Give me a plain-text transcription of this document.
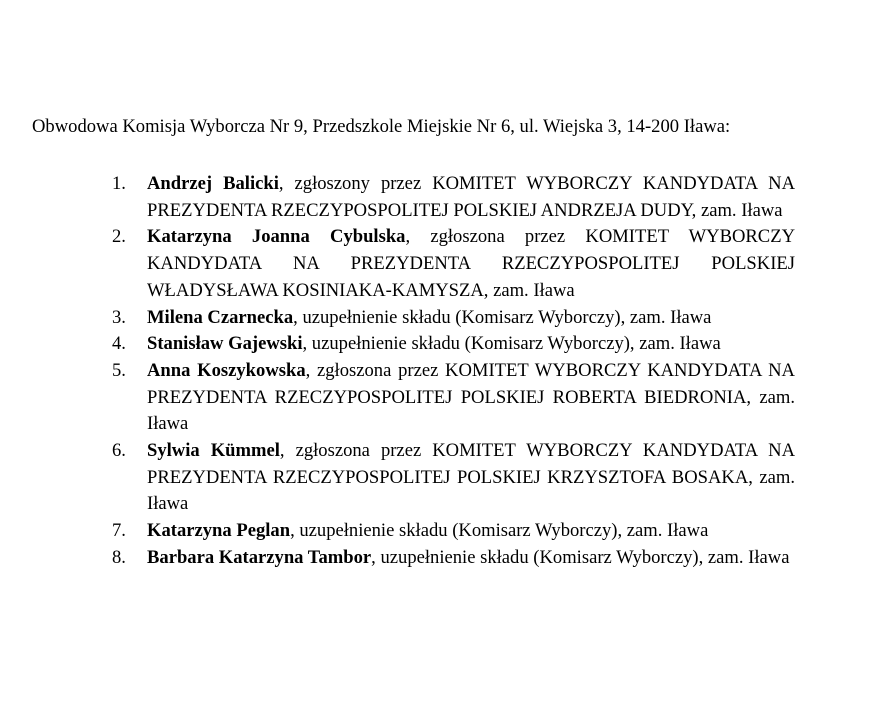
Obwodowa Komisja Wyborcza Nr 9, Przedszkole Miejskie Nr 6, ul. Wiejska 3, 14-200 Iława:
1.	Andrzej Balicki, zgłoszony przez KOMITET WYBORCZY KANDYDATA NA PREZYDENTA RZECZYPOSPOLITEJ POLSKIEJ ANDRZEJA DUDY, zam. Iława
2.	Katarzyna Joanna Cybulska, zgłoszona przez KOMITET WYBORCZY KANDYDATA NA PREZYDENTA RZECZYPOSPOLITEJ POLSKIEJ WŁADYSŁAWA KOSINIAKA-KAMYSZA, zam. Iława
3.	Milena Czarnecka, uzupełnienie składu (Komisarz Wyborczy), zam. Iława
4.	Stanisław Gajewski, uzupełnienie składu (Komisarz Wyborczy), zam. Iława
5.	Anna Koszykowska, zgłoszona przez KOMITET WYBORCZY KANDYDATA NA PREZYDENTA RZECZYPOSPOLITEJ POLSKIEJ ROBERTA BIEDRONIA, zam. Iława
6.	Sylwia Kümmel, zgłoszona przez KOMITET WYBORCZY KANDYDATA NA PREZYDENTA RZECZYPOSPOLITEJ POLSKIEJ KRZYSZTOFA BOSAKA, zam. Iława
7.	Katarzyna Peglan, uzupełnienie składu (Komisarz Wyborczy), zam. Iława
8.	Barbara Katarzyna Tambor, uzupełnienie składu (Komisarz Wyborczy), zam. Iława
